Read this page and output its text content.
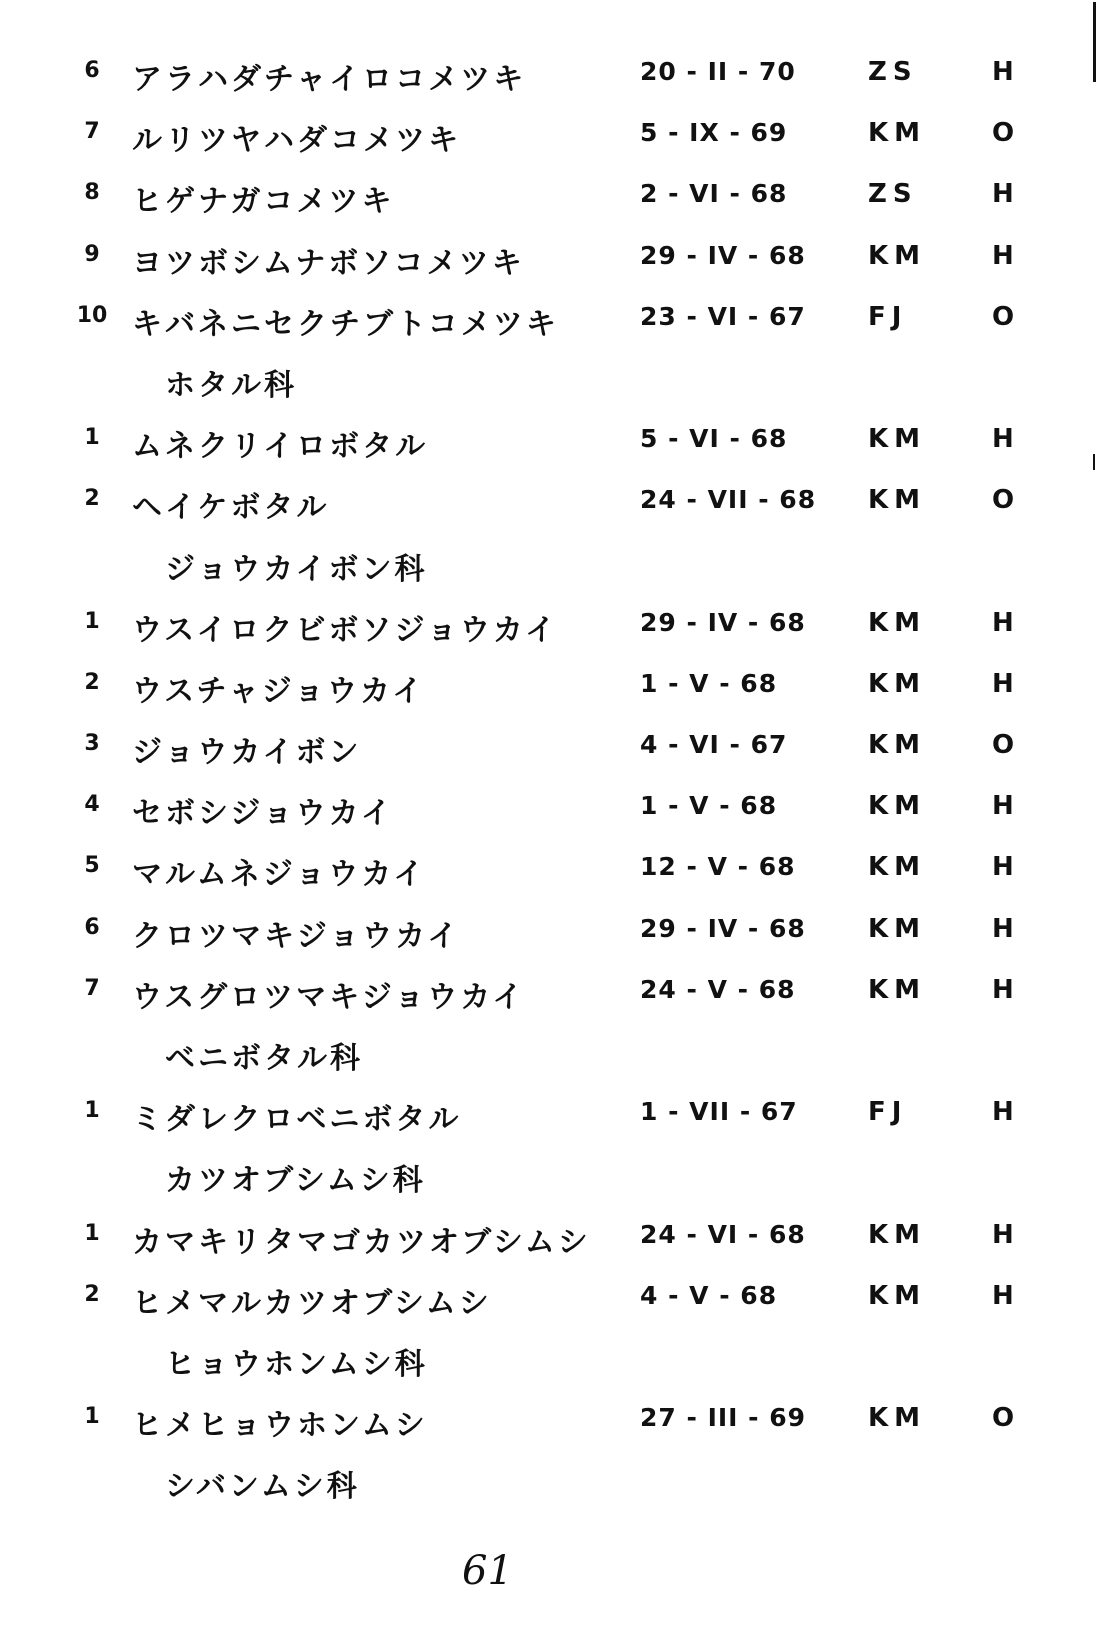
6	アラハダチャイロコメツキ	20 - II - 70	ZS	H
7	ルリツヤハダコメツキ	5 - IX - 69	KM	O
8	ヒゲナガコメツキ	2 - VI - 68	ZS	H
9	ヨツボシムナボソコメツキ	29 - IV - 68 KM	H
10 キバネニセクチブトコメツキ	23 - VI - 67 FJ	O
ホタル科
1	ムネクリイロボタル	5 - VI - 68	KM	H
2	ヘイケボタル	24 - VII - 68 KM	O
ジョウカイボン科
1	ウスイロクビボソジョウカイ	29 - IV - 68 KM	H
2	ウスチャジョウカイ	1 - V - 68	KM	H
3	ジョウカイボン	4 - VI - 67	KM	O
4	セボシジョウカイ	1 - V - 68	KM	H
5	マルムネジョウカイ	12 - V - 68	KM	H
6	クロツマキジョウカイ	29 - IV - 68 KM	H
7	ウスグロツマキジョウカイ	24 - V - 68	KM	H
ベニボタル科
1	ミダレクロベニボタル	1 - VII - 67	FJ	H
カツオブシムシ科
1	カマキリタマゴカツオブシムシ 24 - VI - 68 KM	H
2	ヒメマルカツオブシムシ	4 - V - 68	KM	H
ヒョウホンムシ科
1	ヒメヒョウホンムシ	27 - III - 69 KM	O
シバンムシ科
61
